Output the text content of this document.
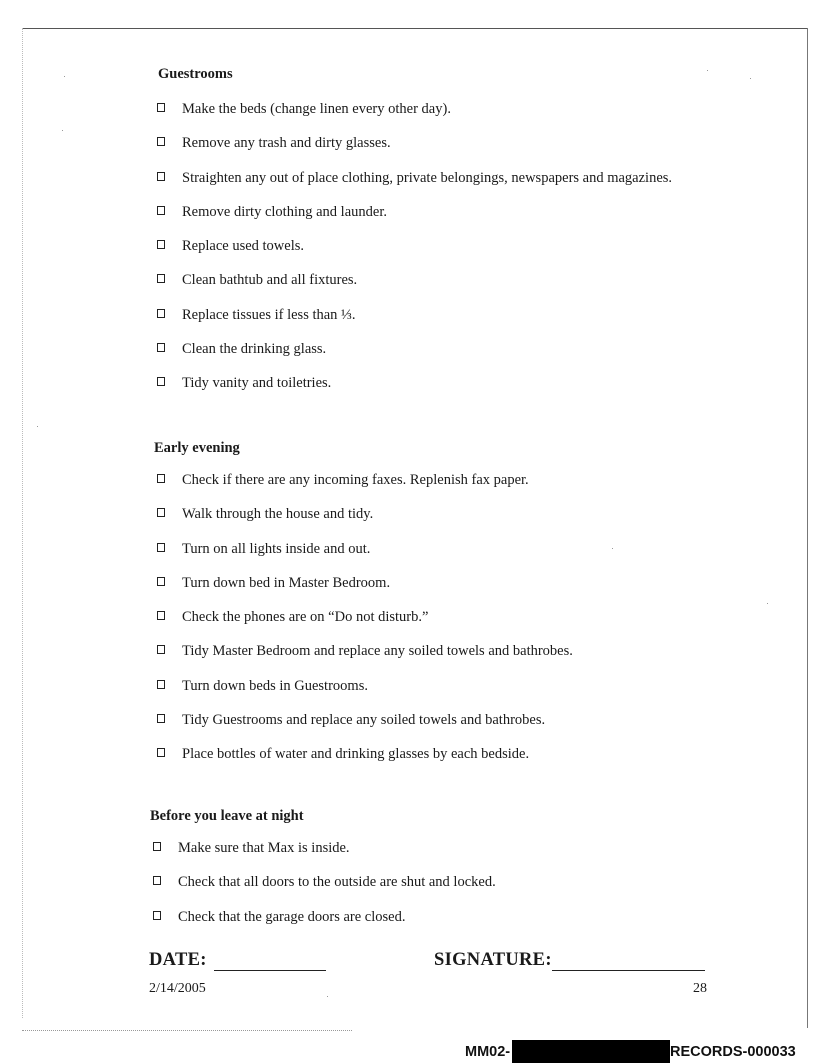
Guestrooms

Make the beds (change linen every other day).
Remove any trash and dirty glasses.
Straighten any out of place clothing, private belongings, newspapers and magazines.
Remove dirty clothing and launder.
Replace used towels.
Clean bathtub and all fixtures.
Replace tissues if less than ⅓.
Clean the drinking glass.
Tidy vanity and toiletries.

Early evening

Check if there are any incoming faxes. Replenish fax paper.
Walk through the house and tidy.
Turn on all lights inside and out.
Turn down bed in Master Bedroom.
Check the phones are on “Do not disturb.”
Tidy Master Bedroom and replace any soiled towels and bathrobes.
Turn down beds in Guestrooms.
Tidy Guestrooms and replace any soiled towels and bathrobes.
Place bottles of water and drinking glasses by each bedside.

Before you leave at night

Make sure that Max is inside.
Check that all doors to the outside are shut and locked.
Check that the garage doors are closed.
DATE:	SIGNATURE:
2/14/2005	28
MM02-	RECORDS-000033
